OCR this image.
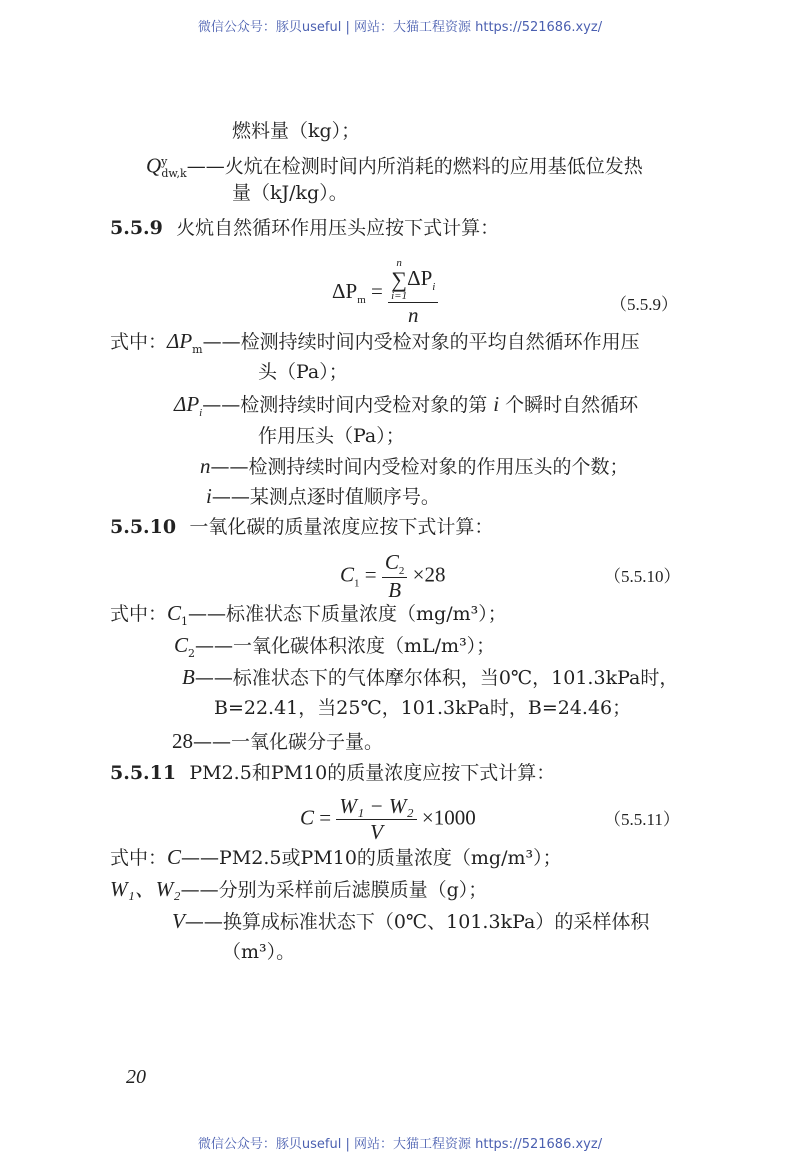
微信公众号：豚贝useful | 网站：大猫工程资源 https://521686.xyz/
燃料量（kg）；
$Q^y_{dw,k}——$火炕在检测时间内所消耗的燃料的应用基低位发热
量（kJ/kg）。
5.5.9 火炕自然循环作用压头应按下式计算：
$\Delta P_m$ =
n
∑
$i=1\Delta P_i$
n	（5.5.9）
式中：$\Delta P_m——$检测持续时间内受检对象的平均自然循环作用压
头（Pa）；
$\Delta P_i——$检测持续时间内受检对象的第 i 个瞬时自然循环
作用压头（Pa）；
n——检测持续时间内受检对象的作用压头的个数；
i——某测点逐时值顺序号。
5.5.10 一氧化碳的质量浓度应按下式计算：
$C_1 = \frac{C_2}{B} \times 28$	（5.5.10）
式中：$C_1——$标准状态下质量浓度（mg/m³）；
$C_2——$一氧化碳体积浓度（mL/m³）；
B——标准状态下的气体摩尔体积，当0℃，101.3kPa时，
B=22.41，当25℃，101.3kPa时，B=24.46；
28——一氧化碳分子量。
5.5.11 PM2.5和PM10的质量浓度应按下式计算：
$C = \frac{\text{W₁ − W₂}}{V} \times 1000$	（5.5.11）
式中：C——PM2.5或PM10的质量浓度（mg/m³）；
W₁、W₂——分别为采样前后滤膜质量（g）；
V——换算成标准状态下（0℃、101.3kPa）的采样体积
（m³）。
20
微信公众号：豚贝useful | 网站：大猫工程资源 https://521686.xyz/
